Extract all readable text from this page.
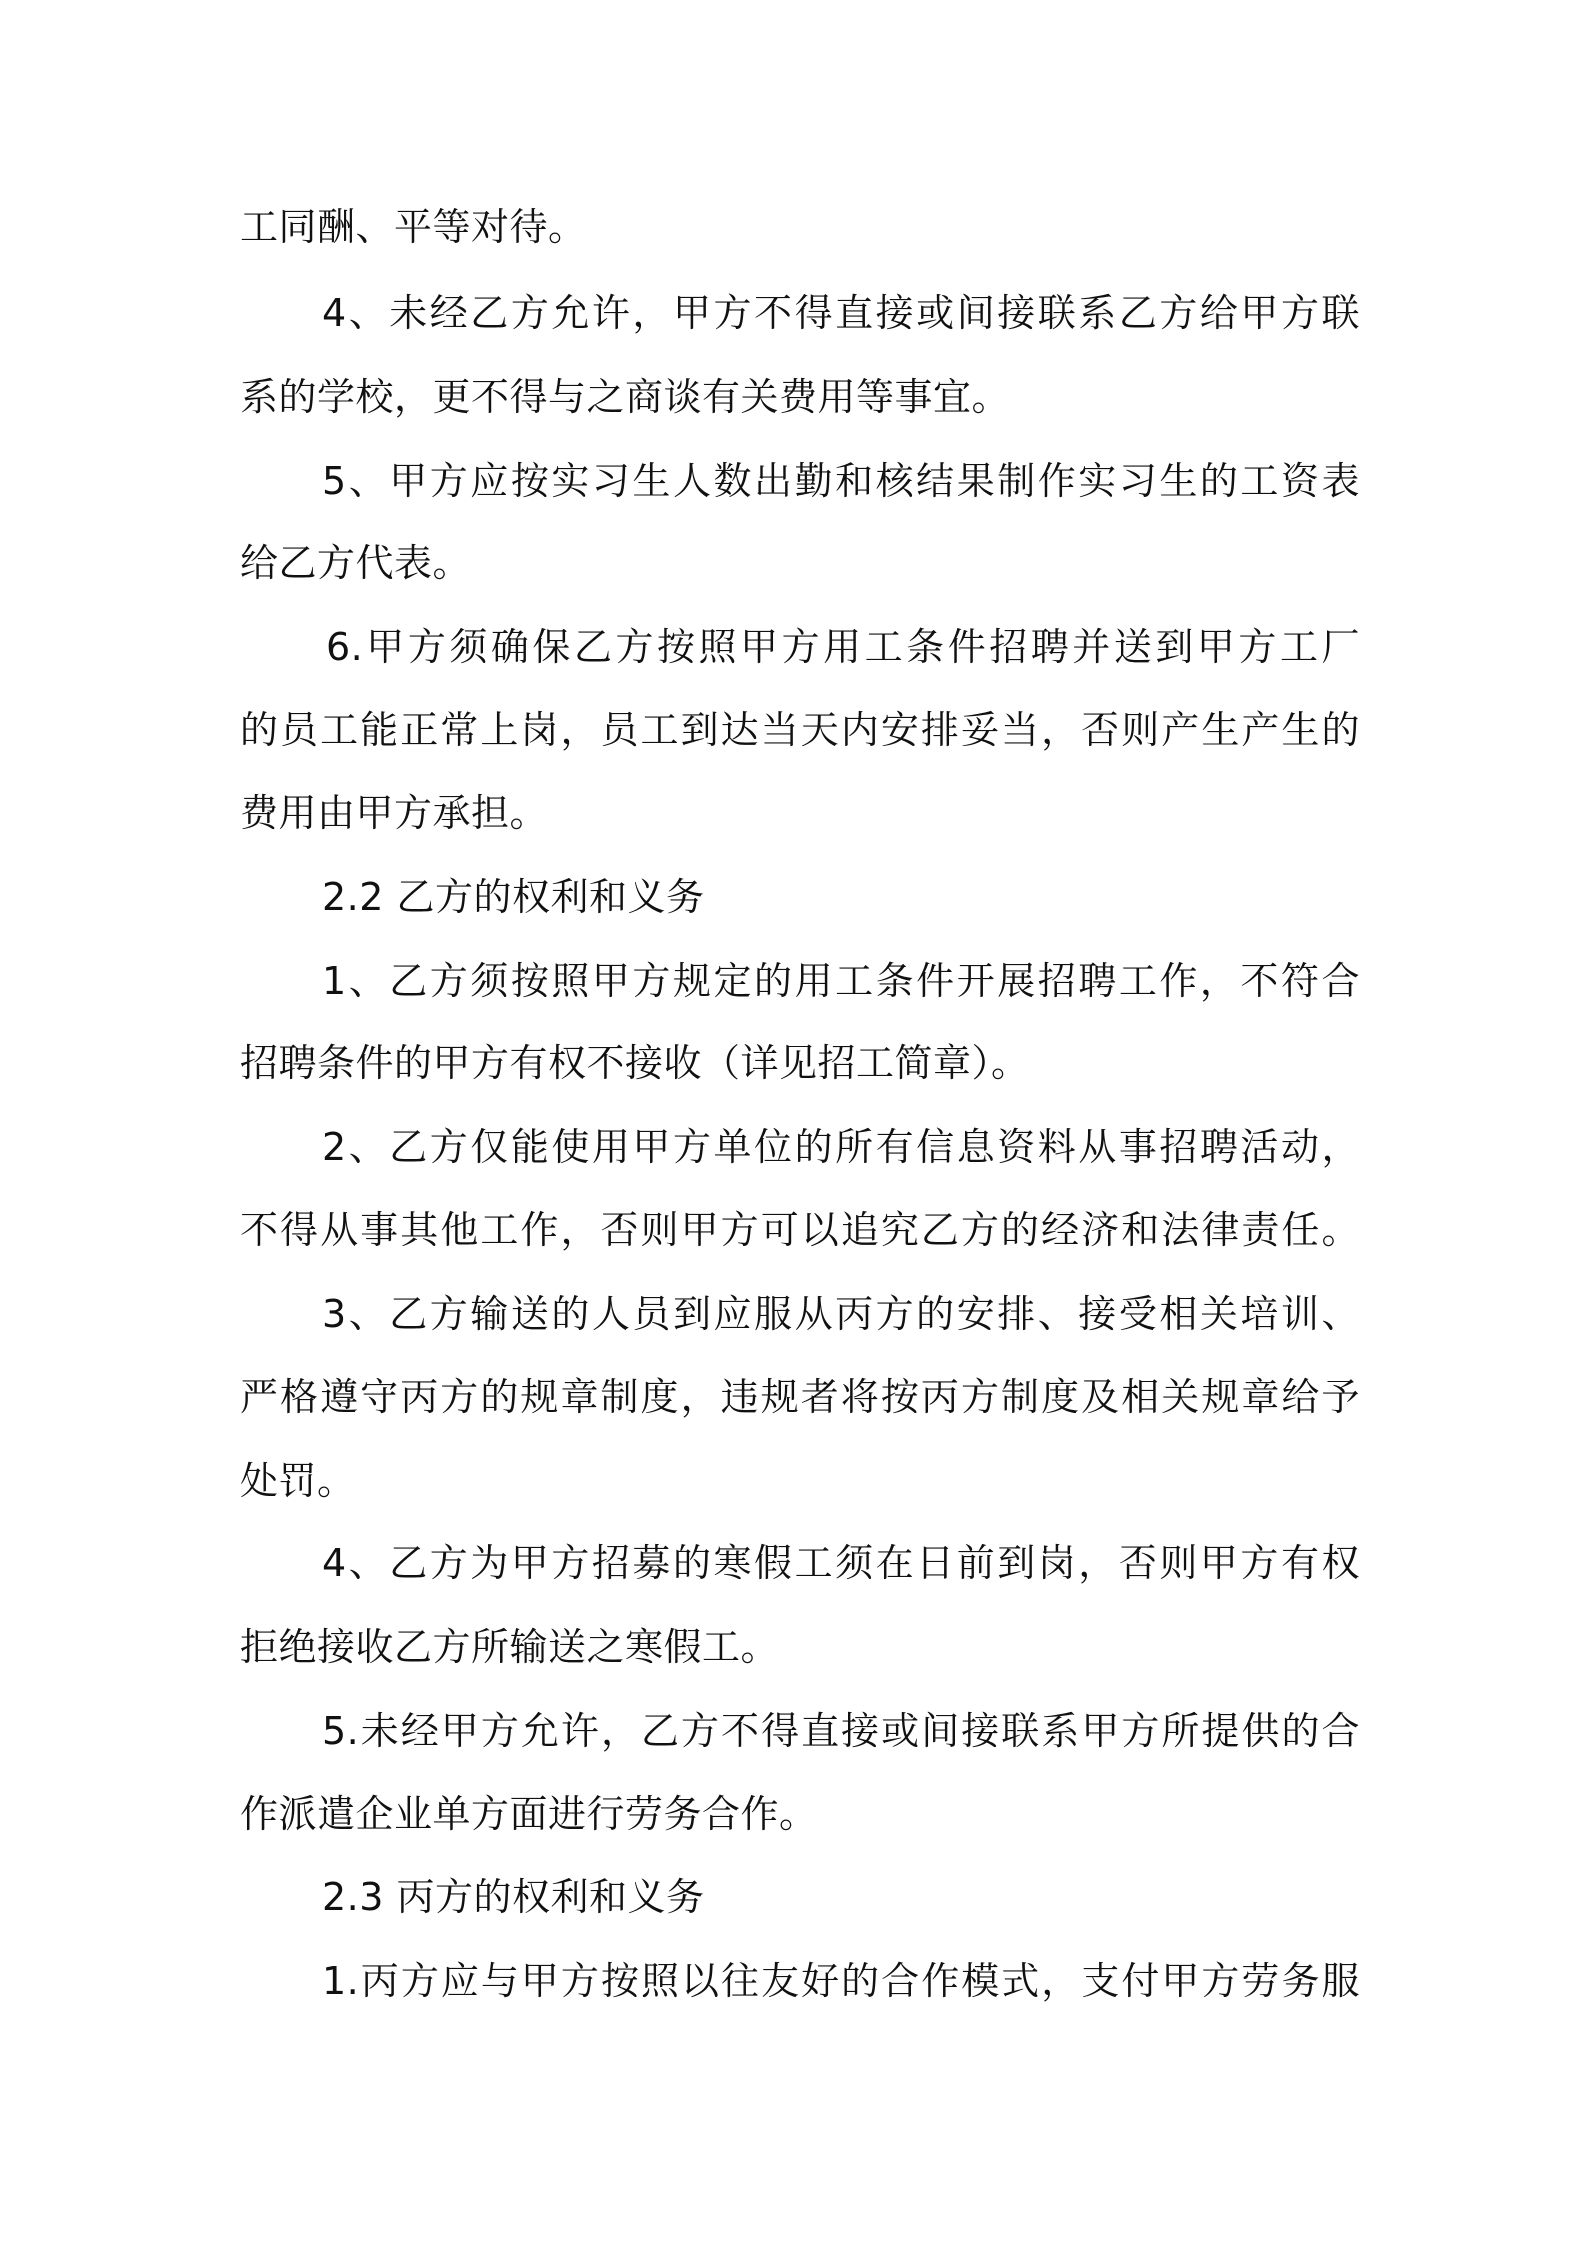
工同酬、平等对待。
4、未经乙方允许，甲方不得直接或间接联系乙方给甲方联
系的学校，更不得与之商谈有关费用等事宜。
5、甲方应按实习生人数出勤和核结果制作实习生的工资表
给乙方代表。
6.甲方须确保乙方按照甲方用工条件招聘并送到甲方工厂
的员工能正常上岗，员工到达当天内安排妥当，否则产生产生的
费用由甲方承担。
2.2 乙方的权利和义务
1、乙方须按照甲方规定的用工条件开展招聘工作，不符合
招聘条件的甲方有权不接收（详见招工简章）。
2、乙方仅能使用甲方单位的所有信息资料从事招聘活动，
不得从事其他工作，否则甲方可以追究乙方的经济和法律责任。
3、乙方输送的人员到应服从丙方的安排、接受相关培训、
严格遵守丙方的规章制度，违规者将按丙方制度及相关规章给予
处罚。
4、乙方为甲方招募的寒假工须在日前到岗，否则甲方有权
拒绝接收乙方所输送之寒假工。
5.未经甲方允许，乙方不得直接或间接联系甲方所提供的合
作派遣企业单方面进行劳务合作。
2.3 丙方的权利和义务
1.丙方应与甲方按照以往友好的合作模式，支付甲方劳务服
